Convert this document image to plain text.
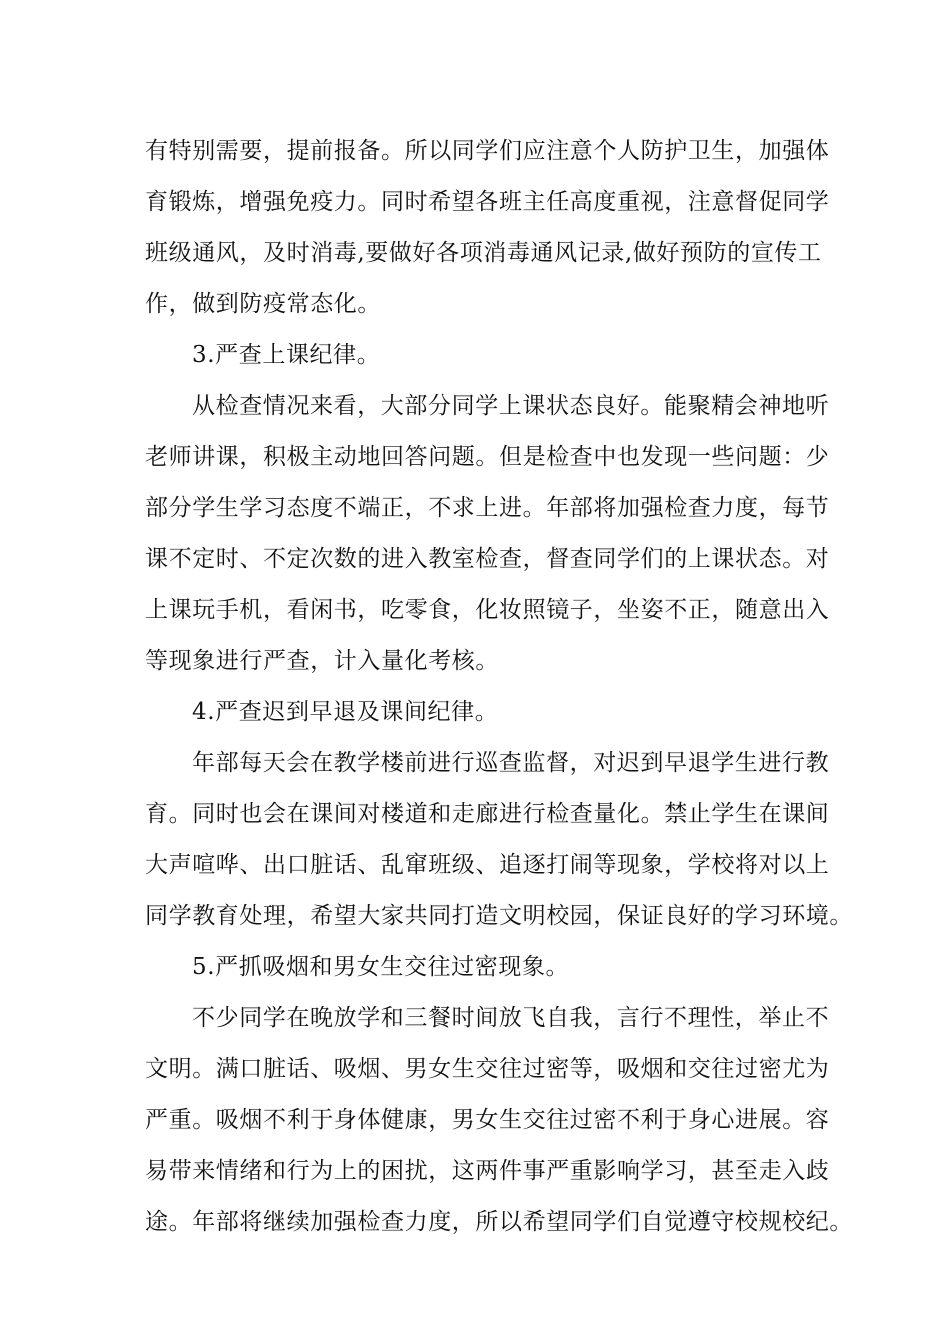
有特别需要，提前报备。所以同学们应注意个人防护卫生，加强体
育锻炼，增强免疫力。同时希望各班主任高度重视，注意督促同学
班级通风，及时消毒,要做好各项消毒通风记录,做好预防的宣传工
作，做到防疫常态化。
3.严查上课纪律。
从检查情况来看，大部分同学上课状态良好。能聚精会神地听
老师讲课，积极主动地回答问题。但是检查中也发现一些问题：少
部分学生学习态度不端正，不求上进。年部将加强检查力度，每节
课不定时、不定次数的进入教室检查，督查同学们的上课状态。对
上课玩手机，看闲书，吃零食，化妆照镜子，坐姿不正，随意出入
等现象进行严查，计入量化考核。
4.严查迟到早退及课间纪律。
年部每天会在教学楼前进行巡查监督，对迟到早退学生进行教
育。同时也会在课间对楼道和走廊进行检查量化。禁止学生在课间
大声喧哗、出口脏话、乱窜班级、追逐打闹等现象，学校将对以上
同学教育处理，希望大家共同打造文明校园，保证良好的学习环境。
5.严抓吸烟和男女生交往过密现象。
不少同学在晚放学和三餐时间放飞自我，言行不理性，举止不
文明。满口脏话、吸烟、男女生交往过密等，吸烟和交往过密尤为
严重。吸烟不利于身体健康，男女生交往过密不利于身心进展。容
易带来情绪和行为上的困扰，这两件事严重影响学习，甚至走入歧
途。年部将继续加强检查力度，所以希望同学们自觉遵守校规校纪。
